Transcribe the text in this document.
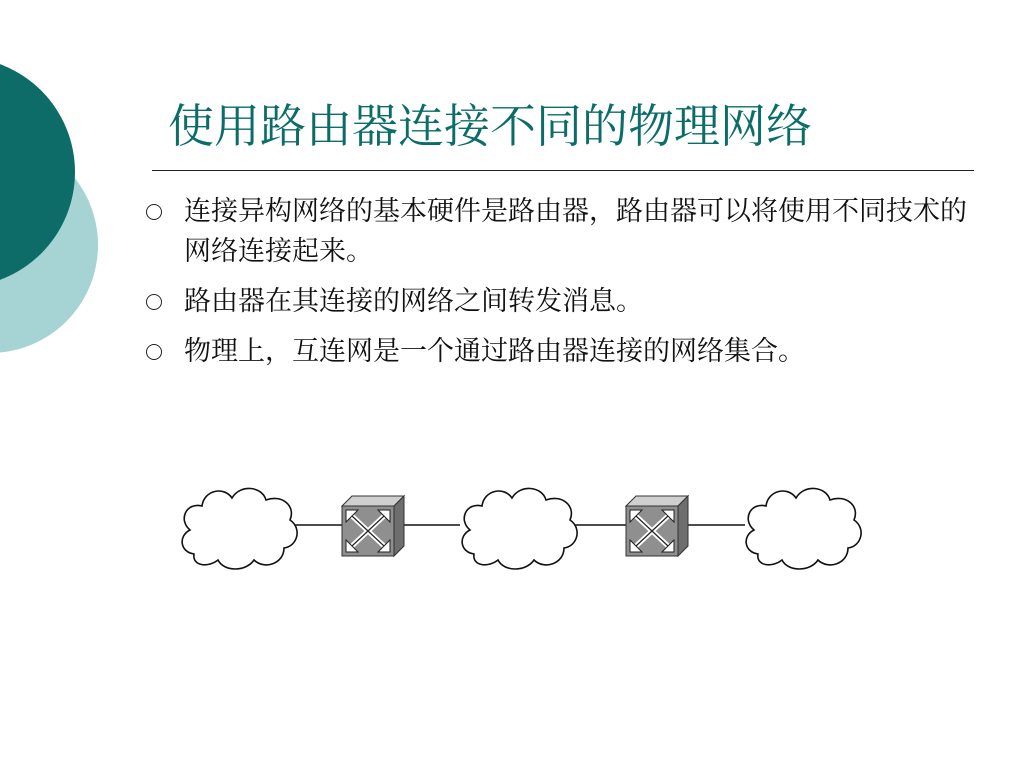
使用路由器连接不同的物理网络
连接异构网络的基本硬件是路由器，路由器可以将使用不同技术的网络连接起来。
路由器在其连接的网络之间转发消息。
物理上，互连网是一个通过路由器连接的网络集合。
